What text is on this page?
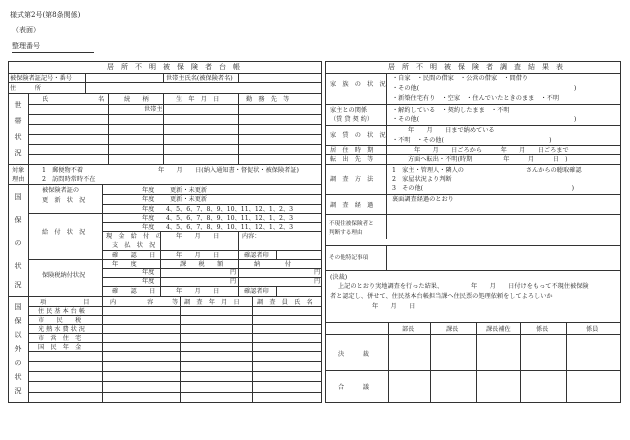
様式第2号(第8条関係)
（表面）
整理番号
居　所　不　明　被　保　険　者　台　帳
被保険者証記号・番号	世帯主氏名(被保険者名)
住　　　所
世
帯
状
況
氏	名	続　　柄	生　年　月　日	勤　務　先　等
世帯主
対象
理由
1　郵便物不着	年　　月　　日(納入通知書・督促状・被保険者証)
2　訪問時常時不在
国
保
の
状
況
被保険者証の
更　新　状　況
年度	更新・未更新
年度	更新・未更新
年度 4、5、6、7、8、9、10、11、12、1、2、3
年度 4、5、6、7、8、9、10、11、12、1、2、3
給　付　状　況
年度 4、5、6、7、8、9、10、11、12、1、2、3
現　金　給　付　の
支　払　状　況
年　　月　　日	内容：
確　　認　　日	年　　月　　日	確認者印
保険税納付状況
年　　度	課　　税　　額	納　　　　付
年度	円	円
年度	円	円
確　　認　　日	年　　月　　日	確認者印
国
保
以
外
の
状
況
項　　　　　　目	内　　　　　容	等 調　査　年　月　日	調　査　員　氏　名
住 民 基 本 台 帳
市　　民　　税
光 熱 水 費 状 況
市　営　住　宅
国　民　年　金
居　所　不　明　被　保　険　者　調　査　結　果　表
家　族　の　状　況
・自家　・民間の借家　・公営の借家　・間借り
・その他(　　　　　　　　　　　　　　　　　　　　　　　　　)
・新築住宅有り　・空家　・住んでいたときのまま　・不明
家主との関係
（賃 貸 契 約）
・解約している　・契約したまま　・不明
・その他(　　　　　　　　　　　　　　　　　　　　　　　　　)
家　賃　の　状　況
年　　月　　日まで納めている
・不明　・その他(　　　　　　　　　　　　　　　　　)
居　住　時　期	年　　月　　日ごろから　　　年　　月　　日ごろまで
転　出　先　等	方面へ転出・不明(時期　　　　　年　　　月　　　日　)
調　査　方　法
1　家主・管理人・隣人の　　　　　　　　　　さんからの聴取確認
2　家屋状況より判断
3　その他(　　　　　　　　　　　　　　　　　　　　　　　　)
調　査　経　過
裏面調査経過のとおり
不現住被保険者と
判断する理由
その他特記事項
(決裁)
上記のとおり実地調査を行った結果、　　　　　年　　月　　日付けをもって不現住被保険
者と認定し、併せて、住民基本台帳担当課へ住民票の処理依頼をしてよろしいか
年　　月　　日
部長	課長	課長補佐	係長	係員
決　　　裁
合　　　議
